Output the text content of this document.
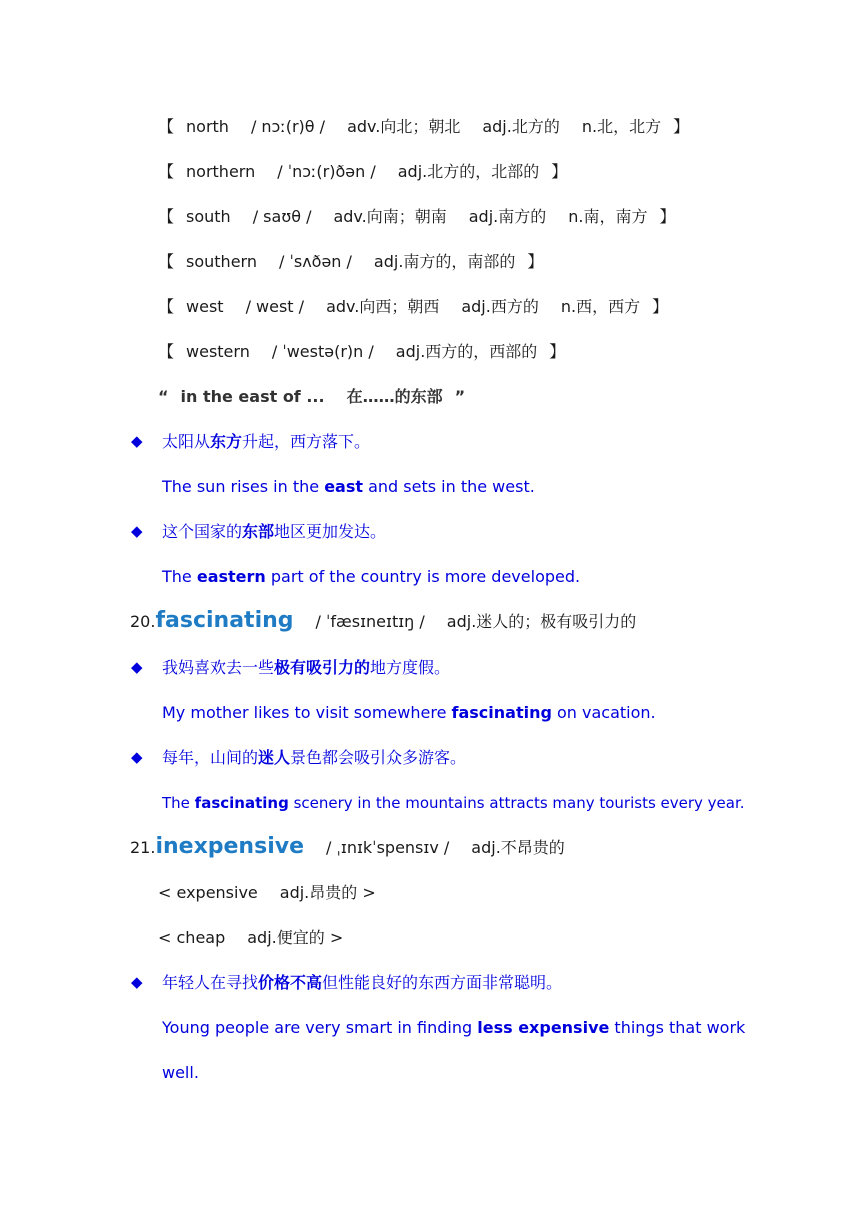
【 north / nɔː(r)θ / adv.向北；朝北 adj.北方的 n.北，北方 】
【 northern / ˈnɔː(r)ðən / adj.北方的，北部的 】
【 south / saʊθ / adv.向南；朝南 adj.南方的 n.南，南方 】
【 southern / ˈsʌðən / adj.南方的，南部的 】
【 west / west / adv.向西；朝西 adj.西方的 n.西，西方 】
【 western / ˈwestə(r)n / adj.西方的，西部的 】
“ in the east of ... 在……的东部 ”
◆ 太阳从东方升起，西方落下。
The sun rises in the east and sets in the west.
◆ 这个国家的东部地区更加发达。
The eastern part of the country is more developed.
20.fascinating / ˈfæsɪneɪtɪŋ / adj.迷人的；极有吸引力的
◆ 我妈喜欢去一些极有吸引力的地方度假。
My mother likes to visit somewhere fascinating on vacation.
◆ 每年，山间的迷人景色都会吸引众多游客。
The fascinating scenery in the mountains attracts many tourists every year.
21.inexpensive / ˌɪnɪkˈspensɪv / adj.不昂贵的
< expensive adj.昂贵的 >
< cheap adj.便宜的 >
◆ 年轻人在寻找价格不高但性能良好的东西方面非常聪明。
Young people are very smart in finding less expensive things that work
well.
